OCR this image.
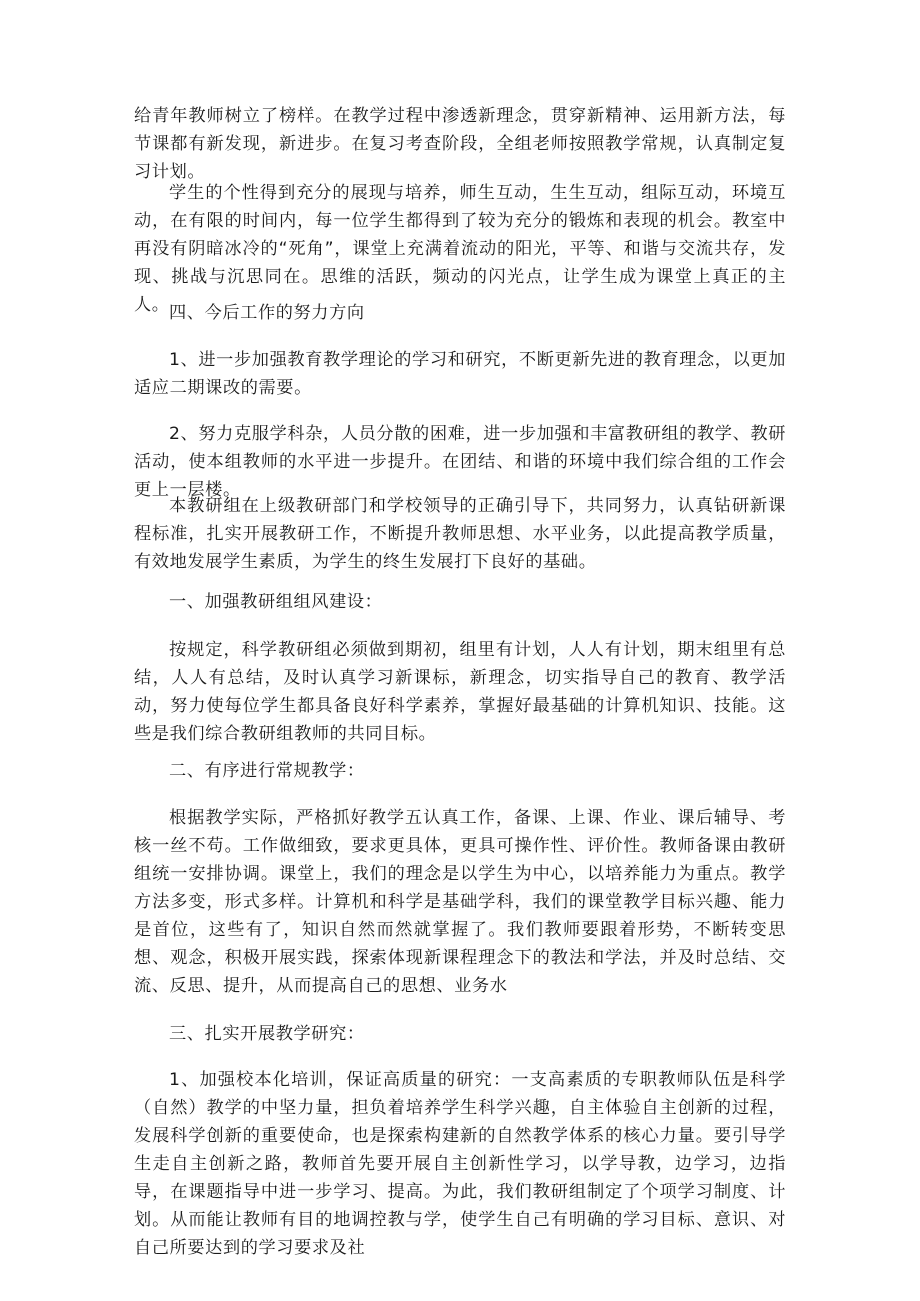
给青年教师树立了榜样。在教学过程中渗透新理念，贯穿新精神、运用新方法，每节课都有新发现，新进步。在复习考查阶段，全组老师按照教学常规，认真制定复习计划。

学生的个性得到充分的展现与培养，师生互动，生生互动，组际互动，环境互动，在有限的时间内，每一位学生都得到了较为充分的锻炼和表现的机会。教室中再没有阴暗冰冷的“死角”，课堂上充满着流动的阳光，平等、和谐与交流共存，发现、挑战与沉思同在。思维的活跃，频动的闪光点，让学生成为课堂上真正的主人。 四、今后工作的努力方向

1、进一步加强教育教学理论的学习和研究，不断更新先进的教育理念，以更加适应二期课改的需要。

2、努力克服学科杂，人员分散的困难，进一步加强和丰富教研组的教学、教研活动，使本组教师的水平进一步提升。在团结、和谐的环境中我们综合组的工作会更上一层楼。

本教研组在上级教研部门和学校领导的正确引导下，共同努力，认真钻研新课程标准，扎实开展教研工作，不断提升教师思想、水平业务，以此提高教学质量，有效地发展学生素质，为学生的终生发展打下良好的基础。

一、加强教研组组风建设：

按规定，科学教研组必须做到期初，组里有计划，人人有计划，期末组里有总结，人人有总结，及时认真学习新课标，新理念，切实指导自己的教育、教学活动，努力使每位学生都具备良好科学素养，掌握好最基础的计算机知识、技能。这些是我们综合教研组教师的共同目标。

二、有序进行常规教学：

根据教学实际，严格抓好教学五认真工作，备课、上课、作业、课后辅导、考核一丝不苟。工作做细致，要求更具体，更具可操作性、评价性。教师备课由教研组统一安排协调。课堂上，我们的理念是以学生为中心，以培养能力为重点。教学方法多变，形式多样。计算机和科学是基础学科，我们的课堂教学目标兴趣、能力是首位，这些有了，知识自然而然就掌握了。我们教师要跟着形势，不断转变思想、观念，积极开展实践，探索体现新课程理念下的教法和学法，并及时总结、交流、反思、提升，从而提高自己的思想、业务水

三、扎实开展教学研究：

1、加强校本化培训，保证高质量的研究：一支高素质的专职教师队伍是科学（自然）教学的中坚力量，担负着培养学生科学兴趣，自主体验自主创新的过程，发展科学创新的重要使命，也是探索构建新的自然教学体系的核心力量。要引导学生走自主创新之路，教师首先要开展自主创新性学习，以学导教，边学习，边指导，在课题指导中进一步学习、提高。为此，我们教研组制定了个项学习制度、计划。从而能让教师有目的地调控教与学，使学生自己有明确的学习目标、意识、对自己所要达到的学习要求及社
